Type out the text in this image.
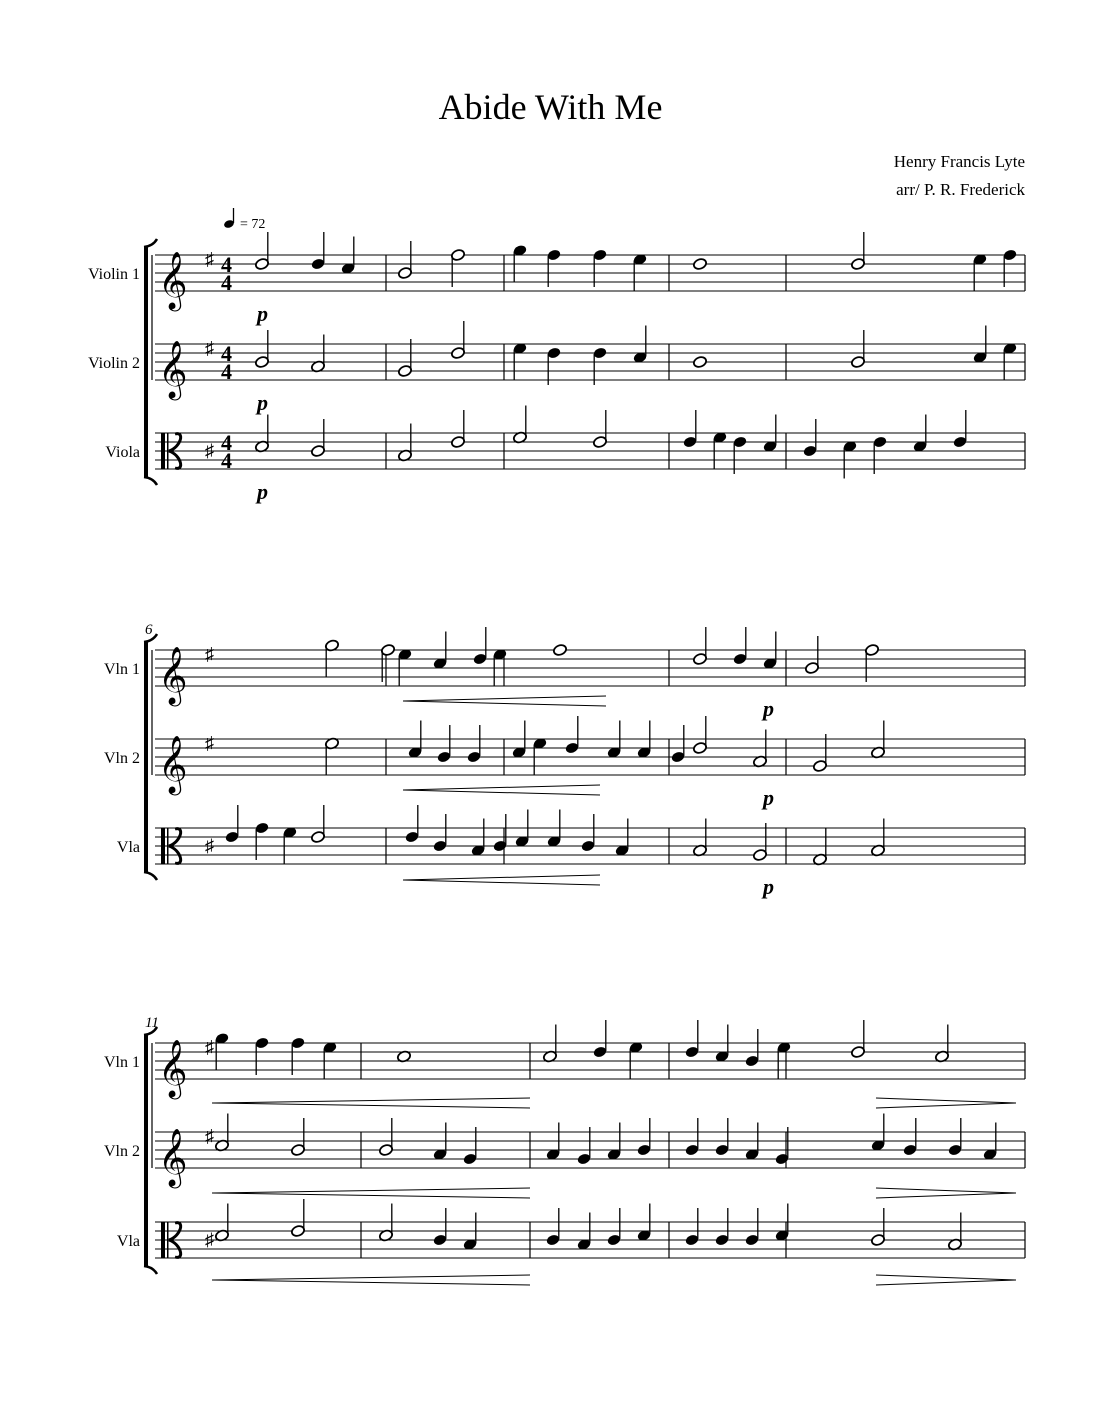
Abide With Me
Henry Francis Lyte
arr/ P. R. Frederick
= 72
Violin 1 𝄞 ♯ 4
4
p
Violin 2 𝄞 ♯ 4
4
p
Viola	♯ 4
4
p
6
Vln 1 𝄞 ♯
p
Vln 2 𝄞 ♯
p
Vla	♯
p
11
Vln 1 𝄞 ♯
Vln 2 𝄞 ♯
Vla	♯
